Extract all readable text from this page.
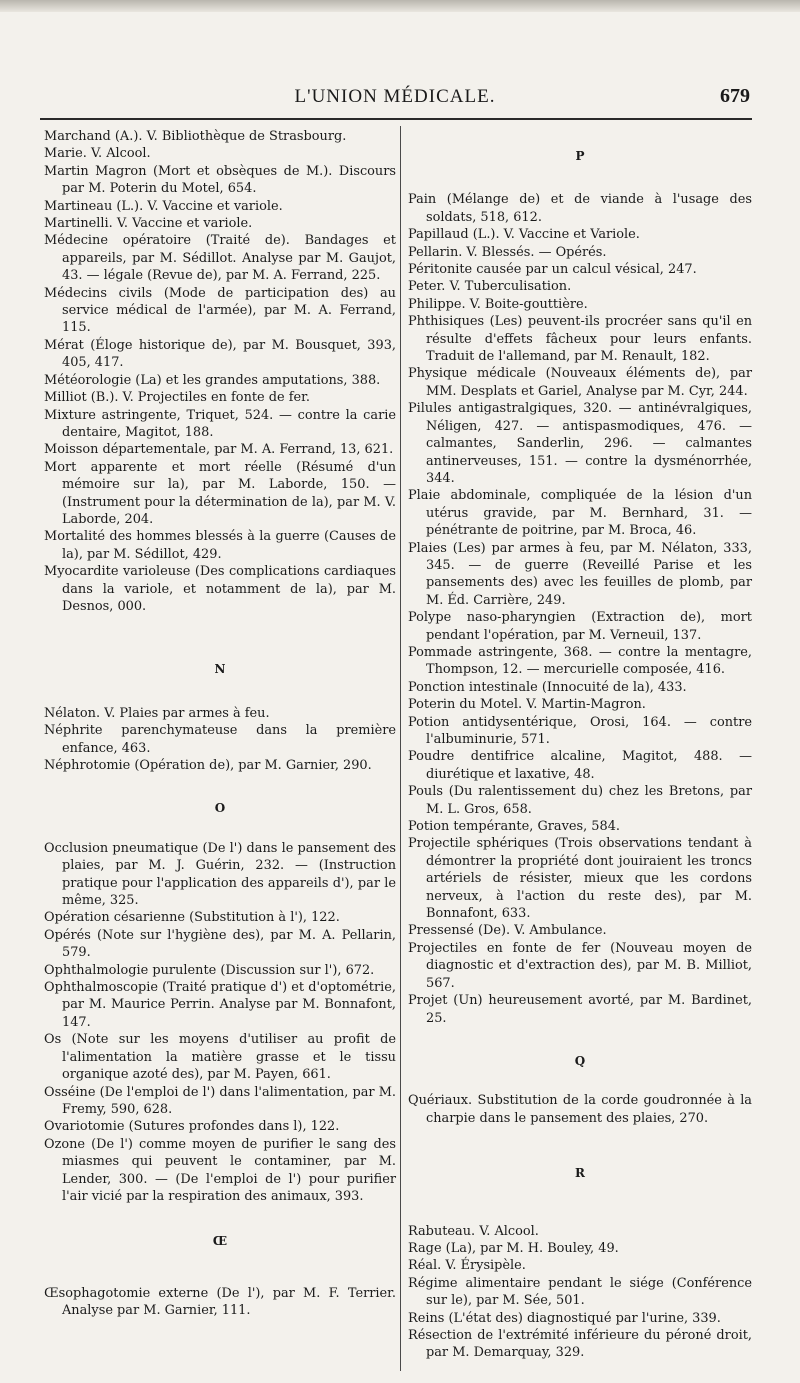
L'UNION MÉDICALE.	679
Marchand (A.). V. Bibliothèque de Strasbourg.
Marie. V. Alcool.
Martin Magron (Mort et obsèques de M.). Discours par M. Poterin du Motel, 654.
Martineau (L.). V. Vaccine et variole.
Martinelli. V. Vaccine et variole.
Médecine opératoire (Traité de). Bandages et appareils, par M. Sédillot. Analyse par M. Gaujot, 43. — légale (Revue de), par M. A. Ferrand, 225.
Médecins civils (Mode de participation des) au service médical de l'armée), par M. A. Ferrand, 115.
Mérat (Éloge historique de), par M. Bousquet, 393, 405, 417.
Météorologie (La) et les grandes amputations, 388.
Milliot (B.). V. Projectiles en fonte de fer.
Mixture astringente, Triquet, 524. — contre la carie dentaire, Magitot, 188.
Moisson départementale, par M. A. Ferrand, 13, 621.
Mort apparente et mort réelle (Résumé d'un mémoire sur la), par M. Laborde, 150. — (Instrument pour la détermination de la), par M. V. Laborde, 204.
Mortalité des hommes blessés à la guerre (Causes de la), par M. Sédillot, 429.
Myocardite varioleuse (Des complications cardiaques dans la variole, et notamment de la), par M. Desnos, 000.
N
Nélaton. V. Plaies par armes à feu.
Néphrite parenchymateuse dans la première enfance, 463.
Néphrotomie (Opération de), par M. Garnier, 290.
O
Occlusion pneumatique (De l') dans le pansement des plaies, par M. J. Guérin, 232. — (Instruction pratique pour l'application des appareils d'), par le même, 325.
Opération césarienne (Substitution à l'), 122.
Opérés (Note sur l'hygiène des), par M. A. Pellarin, 579.
Ophthalmologie purulente (Discussion sur l'), 672.
Ophthalmoscopie (Traité pratique d') et d'optométrie, par M. Maurice Perrin. Analyse par M. Bonnafont, 147.
Os (Note sur les moyens d'utiliser au profit de l'alimentation la matière grasse et le tissu organique azoté des), par M. Payen, 661.
Osséine (De l'emploi de l') dans l'alimentation, par M. Fremy, 590, 628.
Ovariotomie (Sutures profondes dans l), 122.
Ozone (De l') comme moyen de purifier le sang des miasmes qui peuvent le contaminer, par M. Lender, 300. — (De l'emploi de l') pour purifier l'air vicié par la respiration des animaux, 393.
Œ
Œsophagotomie externe (De l'), par M. F. Terrier. Analyse par M. Garnier, 111.
P
Pain (Mélange de) et de viande à l'usage des soldats, 518, 612.
Papillaud (L.). V. Vaccine et Variole.
Pellarin. V. Blessés. — Opérés.
Péritonite causée par un calcul vésical, 247.
Peter. V. Tuberculisation.
Philippe. V. Boite-gouttière.
Phthisiques (Les) peuvent-ils procréer sans qu'il en résulte d'effets fâcheux pour leurs enfants. Traduit de l'allemand, par M. Renault, 182.
Physique médicale (Nouveaux éléments de), par MM. Desplats et Gariel, Analyse par M. Cyr, 244.
Pilules antigastralgiques, 320. — antinévralgiques, Néligen, 427. — antispasmodiques, 476. — calmantes, Sanderlin, 296. — calmantes antinerveuses, 151. — contre la dysménorrhée, 344.
Plaie abdominale, compliquée de la lésion d'un utérus gravide, par M. Bernhard, 31. — pénétrante de poitrine, par M. Broca, 46.
Plaies (Les) par armes à feu, par M. Nélaton, 333, 345. — de guerre (Reveillé Parise et les pansements des) avec les feuilles de plomb, par M. Éd. Carrière, 249.
Polype naso-pharyngien (Extraction de), mort pendant l'opération, par M. Verneuil, 137.
Pommade astringente, 368. — contre la mentagre, Thompson, 12. — mercurielle composée, 416.
Ponction intestinale (Innocuité de la), 433.
Poterin du Motel. V. Martin-Magron.
Potion antidysentérique, Orosi, 164. — contre l'albuminurie, 571.
Poudre dentifrice alcaline, Magitot, 488. — diurétique et laxative, 48.
Pouls (Du ralentissement du) chez les Bretons, par M. L. Gros, 658.
Potion tempérante, Graves, 584.
Projectile sphériques (Trois observations tendant à démontrer la propriété dont jouiraient les troncs artériels de résister, mieux que les cordons nerveux, à l'action du reste des), par M. Bonnafont, 633.
Pressensé (De). V. Ambulance.
Projectiles en fonte de fer (Nouveau moyen de diagnostic et d'extraction des), par M. B. Milliot, 567.
Projet (Un) heureusement avorté, par M. Bardinet, 25.
Q
Quériaux. Substitution de la corde goudronnée à la charpie dans le pansement des plaies, 270.
R
Rabuteau. V. Alcool.
Rage (La), par M. H. Bouley, 49.
Réal. V. Érysipèle.
Régime alimentaire pendant le siége (Conférence sur le), par M. Sée, 501.
Reins (L'état des) diagnostiqué par l'urine, 339.
Résection de l'extrémité inférieure du péroné droit, par M. Demarquay, 329.
